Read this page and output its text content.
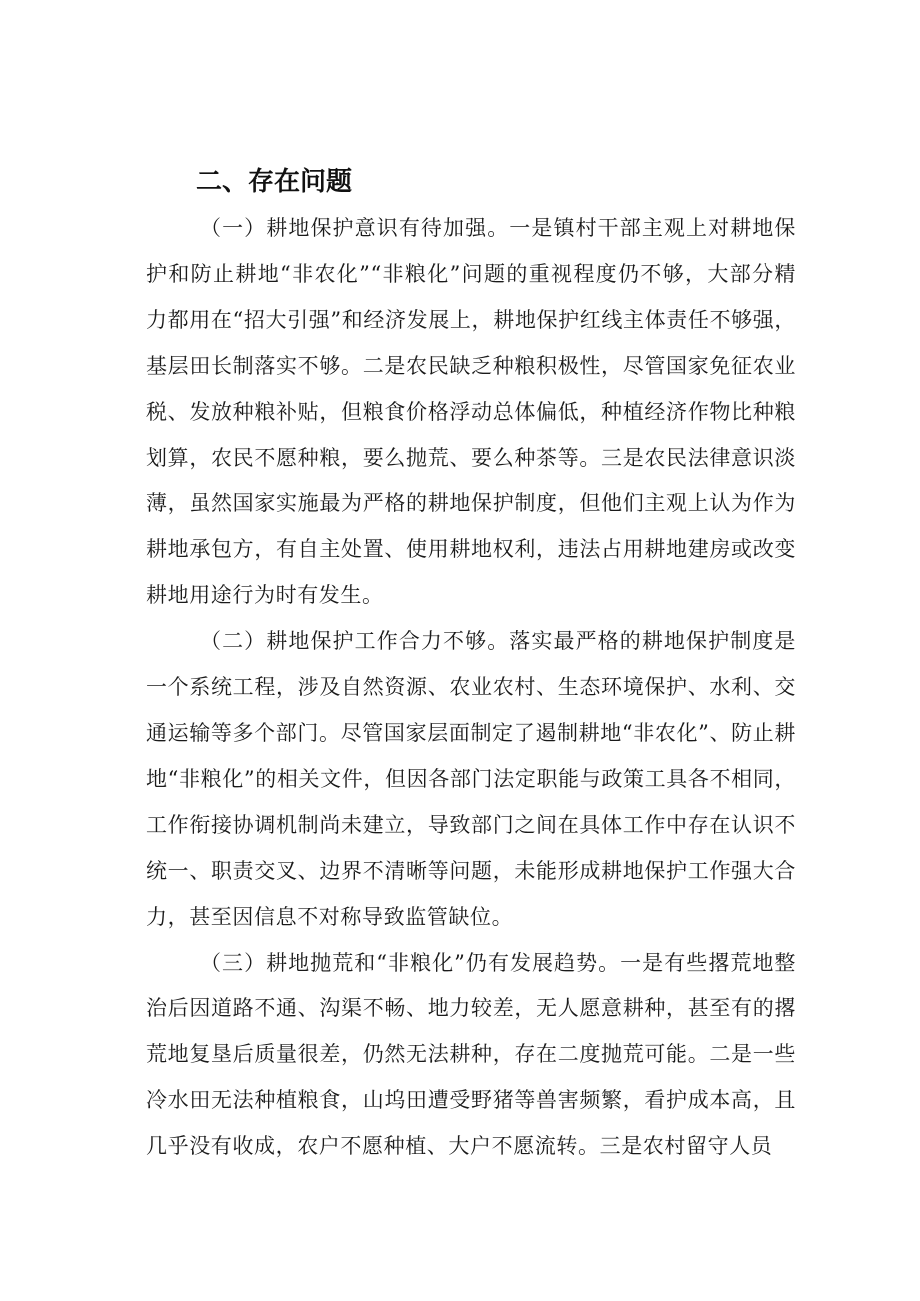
二、存在问题

（一）耕地保护意识有待加强。一是镇村干部主观上对耕地保护和防止耕地“非农化”“非粮化”问题的重视程度仍不够，大部分精力都用在“招大引强”和经济发展上，耕地保护红线主体责任不够强，基层田长制落实不够。二是农民缺乏种粮积极性，尽管国家免征农业税、发放种粮补贴，但粮食价格浮动总体偏低，种植经济作物比种粮划算，农民不愿种粮，要么抛荒、要么种茶等。三是农民法律意识淡薄，虽然国家实施最为严格的耕地保护制度，但他们主观上认为作为耕地承包方，有自主处置、使用耕地权利，违法占用耕地建房或改变耕地用途行为时有发生。

（二）耕地保护工作合力不够。落实最严格的耕地保护制度是一个系统工程，涉及自然资源、农业农村、生态环境保护、水利、交通运输等多个部门。尽管国家层面制定了遏制耕地“非农化”、防止耕地“非粮化”的相关文件，但因各部门法定职能与政策工具各不相同，工作衔接协调机制尚未建立，导致部门之间在具体工作中存在认识不统一、职责交叉、边界不清晰等问题，未能形成耕地保护工作强大合力，甚至因信息不对称导致监管缺位。

（三）耕地抛荒和“非粮化”仍有发展趋势。一是有些撂荒地整治后因道路不通、沟渠不畅、地力较差，无人愿意耕种，甚至有的撂荒地复垦后质量很差，仍然无法耕种，存在二度抛荒可能。二是一些冷水田无法种植粮食，山坞田遭受野猪等兽害频繁，看护成本高，且几乎没有收成，农户不愿种植、大户不愿流转。三是农村留守人员
